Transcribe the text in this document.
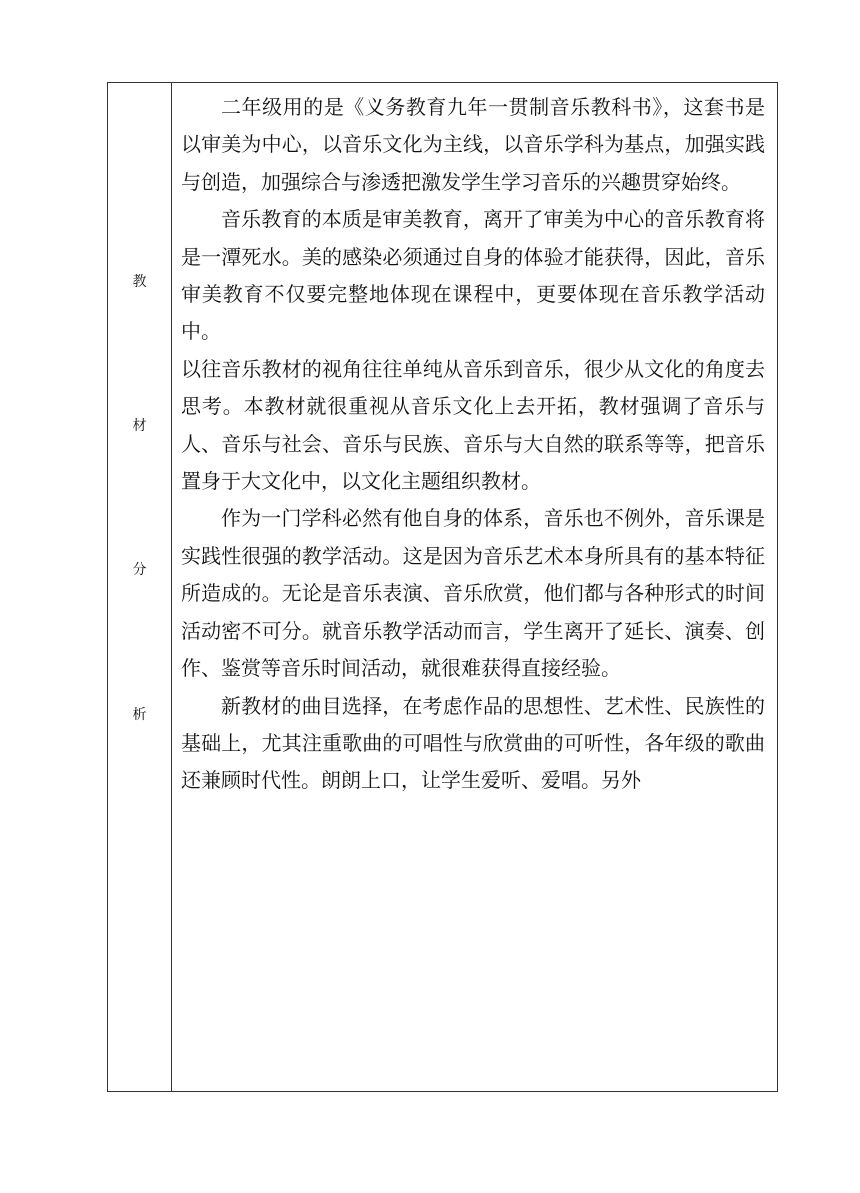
教
材
分
析

二年级用的是《义务教育九年一贯制音乐教科书》，这套书是以审美为中心，以音乐文化为主线，以音乐学科为基点，加强实践与创造，加强综合与渗透把激发学生学习音乐的兴趣贯穿始终。

音乐教育的本质是审美教育，离开了审美为中心的音乐教育将是一潭死水。美的感染必须通过自身的体验才能获得，因此，音乐审美教育不仅要完整地体现在课程中，更要体现在音乐教学活动中。

以往音乐教材的视角往往单纯从音乐到音乐，很少从文化的角度去思考。本教材就很重视从音乐文化上去开拓，教材强调了音乐与人、音乐与社会、音乐与民族、音乐与大自然的联系等等，把音乐置身于大文化中，以文化主题组织教材。

作为一门学科必然有他自身的体系，音乐也不例外，音乐课是实践性很强的教学活动。这是因为音乐艺术本身所具有的基本特征所造成的。无论是音乐表演、音乐欣赏，他们都与各种形式的时间活动密不可分。就音乐教学活动而言，学生离开了延长、演奏、创作、鉴赏等音乐时间活动，就很难获得直接经验。

新教材的曲目选择，在考虑作品的思想性、艺术性、民族性的基础上，尤其注重歌曲的可唱性与欣赏曲的可听性，各年级的歌曲还兼顾时代性。朗朗上口，让学生爱听、爱唱。另外
